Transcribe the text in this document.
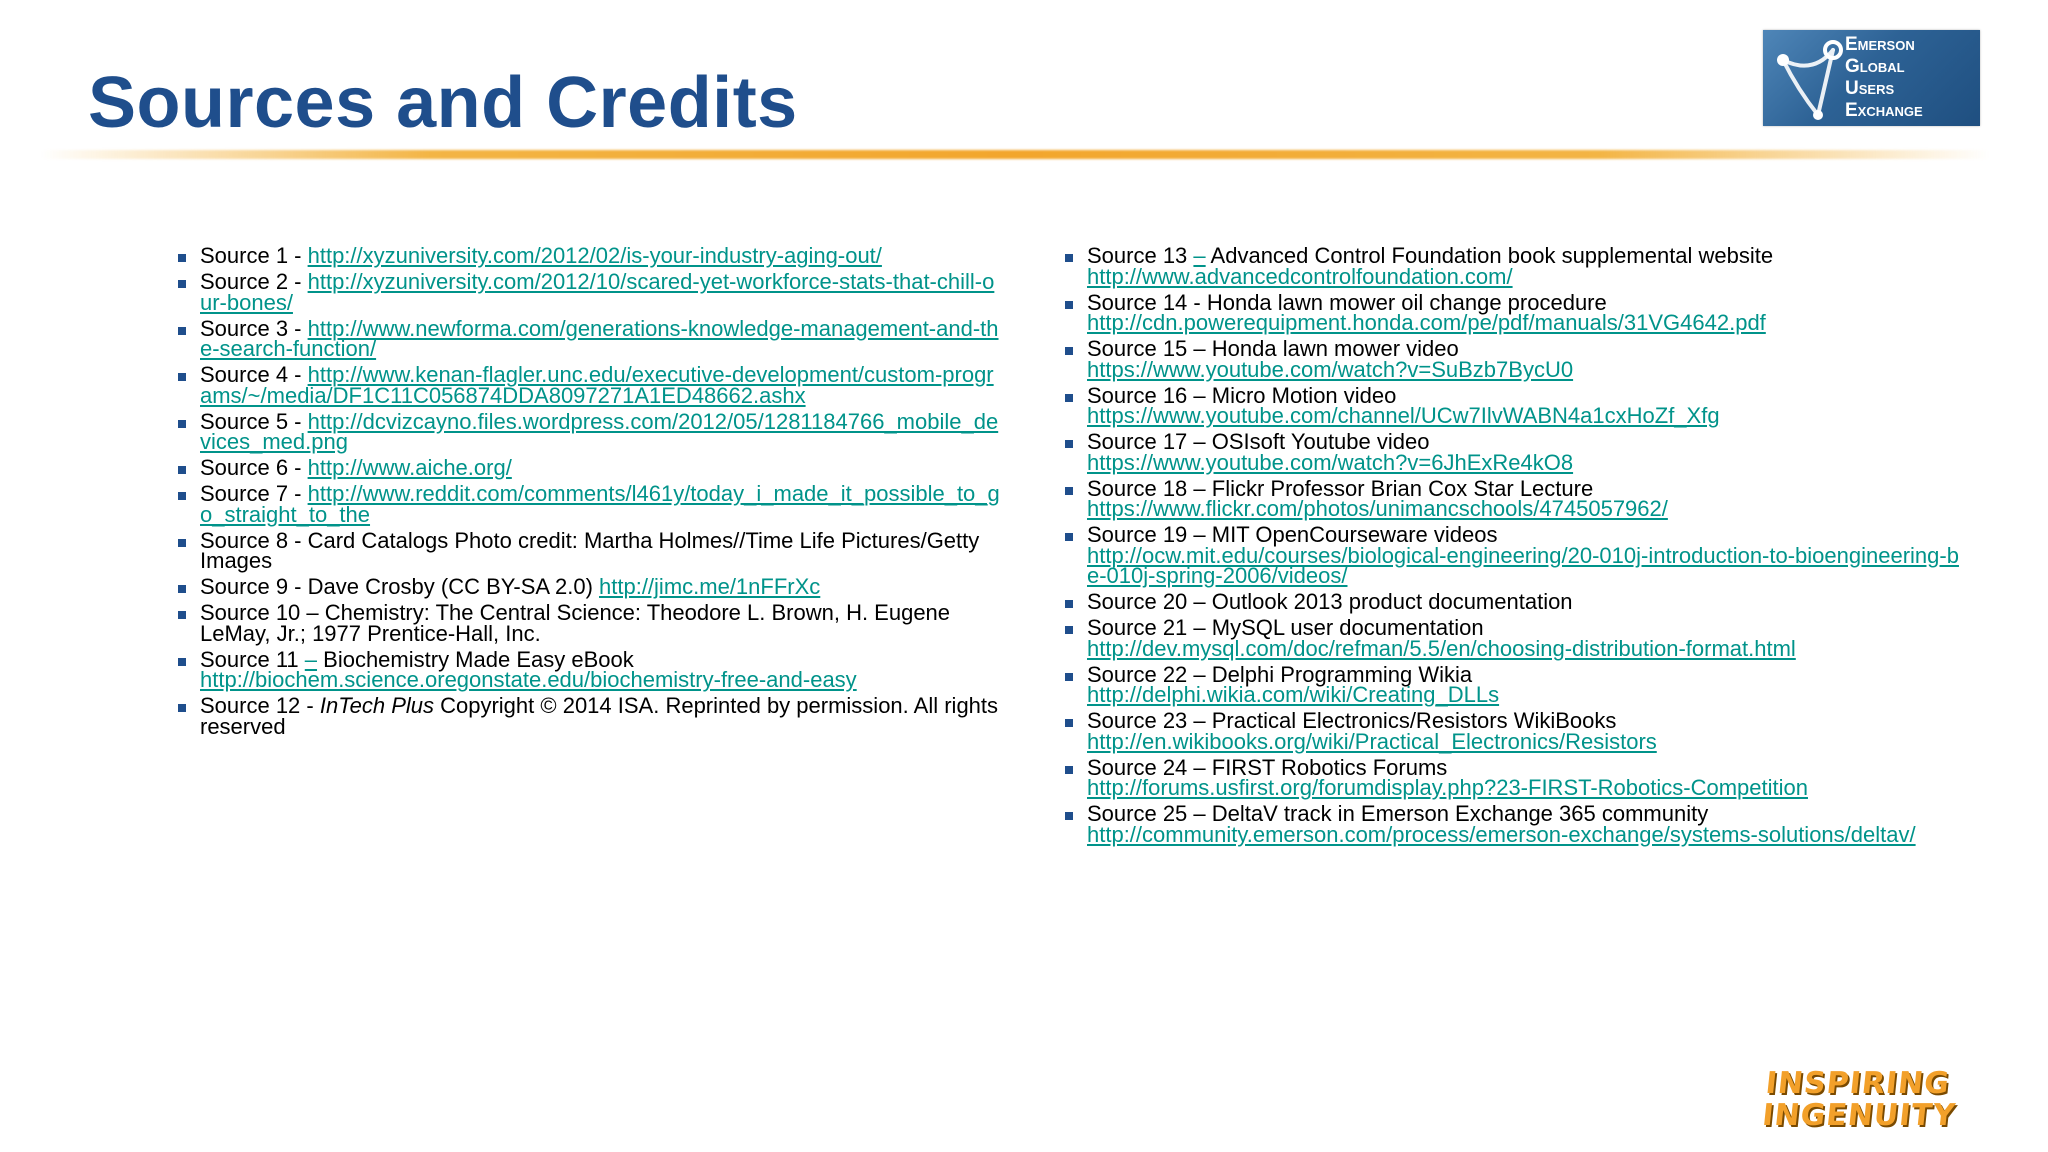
Sources and Credits
Emerson
Global
Users
Exchange
Source 1 - http://xyzuniversity.com/2012/02/is-your-industry-aging-out/
Source 2 - http://xyzuniversity.com/2012/10/scared-yet-workforce-stats-that-chill-our-bones/
Source 3 - http://www.newforma.com/generations-knowledge-management-and-the-search-function/
Source 4 - http://www.kenan-flagler.unc.edu/executive-development/custom-programs/~/media/DF1C11C056874DDA8097271A1ED48662.ashx
Source 5 - http://dcvizcayno.files.wordpress.com/2012/05/1281184766_mobile_devices_med.png
Source 6 - http://www.aiche.org/
Source 7 - http://www.reddit.com/comments/l461y/today_i_made_it_possible_to_go_straight_to_the
Source 8 - Card Catalogs Photo credit: Martha Holmes//Time Life Pictures/Getty Images
Source 9 - Dave Crosby (CC BY-SA 2.0) http://jimc.me/1nFFrXc
Source 10 – Chemistry: The Central Science: Theodore L. Brown, H. Eugene LeMay, Jr.; 1977 Prentice-Hall, Inc.
Source 11 – Biochemistry Made Easy eBook
http://biochem.science.oregonstate.edu/biochemistry-free-and-easy
Source 12 - InTech Plus Copyright © 2014 ISA. Reprinted by permission. All rights reserved
Source 13 – Advanced Control Foundation book supplemental website
http://www.advancedcontrolfoundation.com/
Source 14 - Honda lawn mower oil change procedure
http://cdn.powerequipment.honda.com/pe/pdf/manuals/31VG4642.pdf
Source 15 – Honda lawn mower video
https://www.youtube.com/watch?v=SuBzb7BycU0
Source 16 – Micro Motion video
https://www.youtube.com/channel/UCw7IlvWABN4a1cxHoZf_Xfg
Source 17 – OSIsoft Youtube video
https://www.youtube.com/watch?v=6JhExRe4kO8
Source 18 – Flickr Professor Brian Cox Star Lecture
https://www.flickr.com/photos/unimancschools/4745057962/
Source 19 – MIT OpenCourseware videos
http://ocw.mit.edu/courses/biological-engineering/20-010j-introduction-to-bioengineering-be-010j-spring-2006/videos/
Source 20 – Outlook 2013 product documentation
Source 21 – MySQL user documentation
http://dev.mysql.com/doc/refman/5.5/en/choosing-distribution-format.html
Source 22 – Delphi Programming Wikia
http://delphi.wikia.com/wiki/Creating_DLLs
Source 23 – Practical Electronics/Resistors WikiBooks
http://en.wikibooks.org/wiki/Practical_Electronics/Resistors
Source 24 – FIRST Robotics Forums
http://forums.usfirst.org/forumdisplay.php?23-FIRST-Robotics-Competition
Source 25 – DeltaV track in Emerson Exchange 365 community
http://community.emerson.com/process/emerson-exchange/systems-solutions/deltav/
INSPIRING
INGENUITY
